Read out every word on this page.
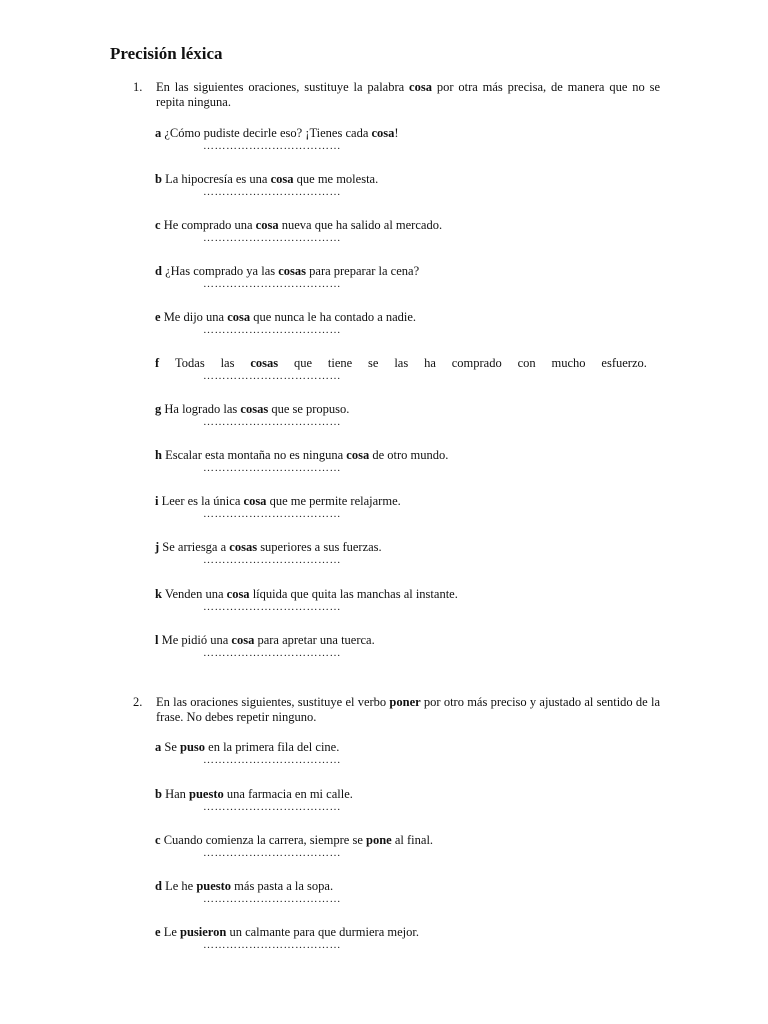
Precisión léxica
1. En las siguientes oraciones, sustituye la palabra cosa por otra más precisa, de manera que no se repita ninguna.
a ¿Cómo pudiste decirle eso? ¡Tienes cada cosa!
………………………………
b La hipocresía es una cosa que me molesta.
………………………………
c He comprado una cosa nueva que ha salido al mercado.
………………………………
d ¿Has comprado ya las cosas para preparar la cena?
………………………………
e Me dijo una cosa que nunca le ha contado a nadie.
………………………………
f Todas las cosas que tiene se las ha comprado con mucho esfuerzo.
………………………………
g Ha logrado las cosas que se propuso.
………………………………
h Escalar esta montaña no es ninguna cosa de otro mundo.
………………………………
i Leer es la única cosa que me permite relajarme.
………………………………
j Se arriesga a cosas superiores a sus fuerzas.
………………………………
k Venden una cosa líquida que quita las manchas al instante.
………………………………
l Me pidió una cosa para apretar una tuerca.
………………………………
2. En las oraciones siguientes, sustituye el verbo poner por otro más preciso y ajustado al sentido de la frase. No debes repetir ninguno.
a Se puso en la primera fila del cine.
………………………………
b Han puesto una farmacia en mi calle.
………………………………
c Cuando comienza la carrera, siempre se pone al final.
………………………………
d Le he puesto más pasta a la sopa.
………………………………
e Le pusieron un calmante para que durmiera mejor.
………………………………
